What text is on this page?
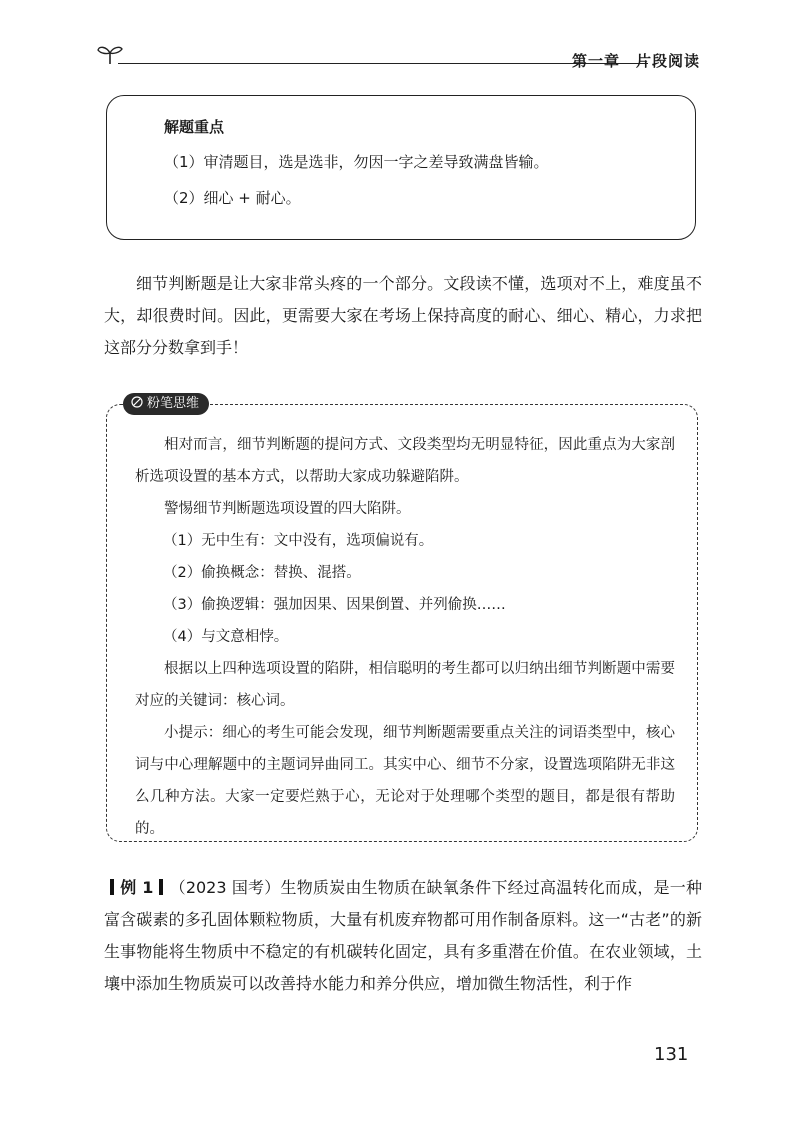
第一章 片段阅读
解题重点
（1）审清题目，选是选非，勿因一字之差导致满盘皆输。
（2）细心 + 耐心。

细节判断题是让大家非常头疼的一个部分。文段读不懂，选项对不上，难度虽不大，却很费时间。因此，更需要大家在考场上保持高度的耐心、细心、精心，力求把这部分分数拿到手！

粉笔思维

相对而言，细节判断题的提问方式、文段类型均无明显特征，因此重点为大家剖析选项设置的基本方式，以帮助大家成功躲避陷阱。

警惕细节判断题选项设置的四大陷阱。

（1）无中生有：文中没有，选项偏说有。

（2）偷换概念：替换、混搭。

（3）偷换逻辑：强加因果、因果倒置、并列偷换……

（4）与文意相悖。

根据以上四种选项设置的陷阱，相信聪明的考生都可以归纳出细节判断题中需要对应的关键词：核心词。

小提示：细心的考生可能会发现，细节判断题需要重点关注的词语类型中，核心词与中心理解题中的主题词异曲同工。其实中心、细节不分家，设置选项陷阱无非这么几种方法。大家一定要烂熟于心，无论对于处理哪个类型的题目，都是很有帮助的。

例 1 （2023 国考）生物质炭由生物质在缺氧条件下经过高温转化而成，是一种富含碳素的多孔固体颗粒物质，大量有机废弃物都可用作制备原料。这一“古老”的新生事物能将生物质中不稳定的有机碳转化固定，具有多重潜在价值。在农业领域，土壤中添加生物质炭可以改善持水能力和养分供应，增加微生物活性，利于作

131
